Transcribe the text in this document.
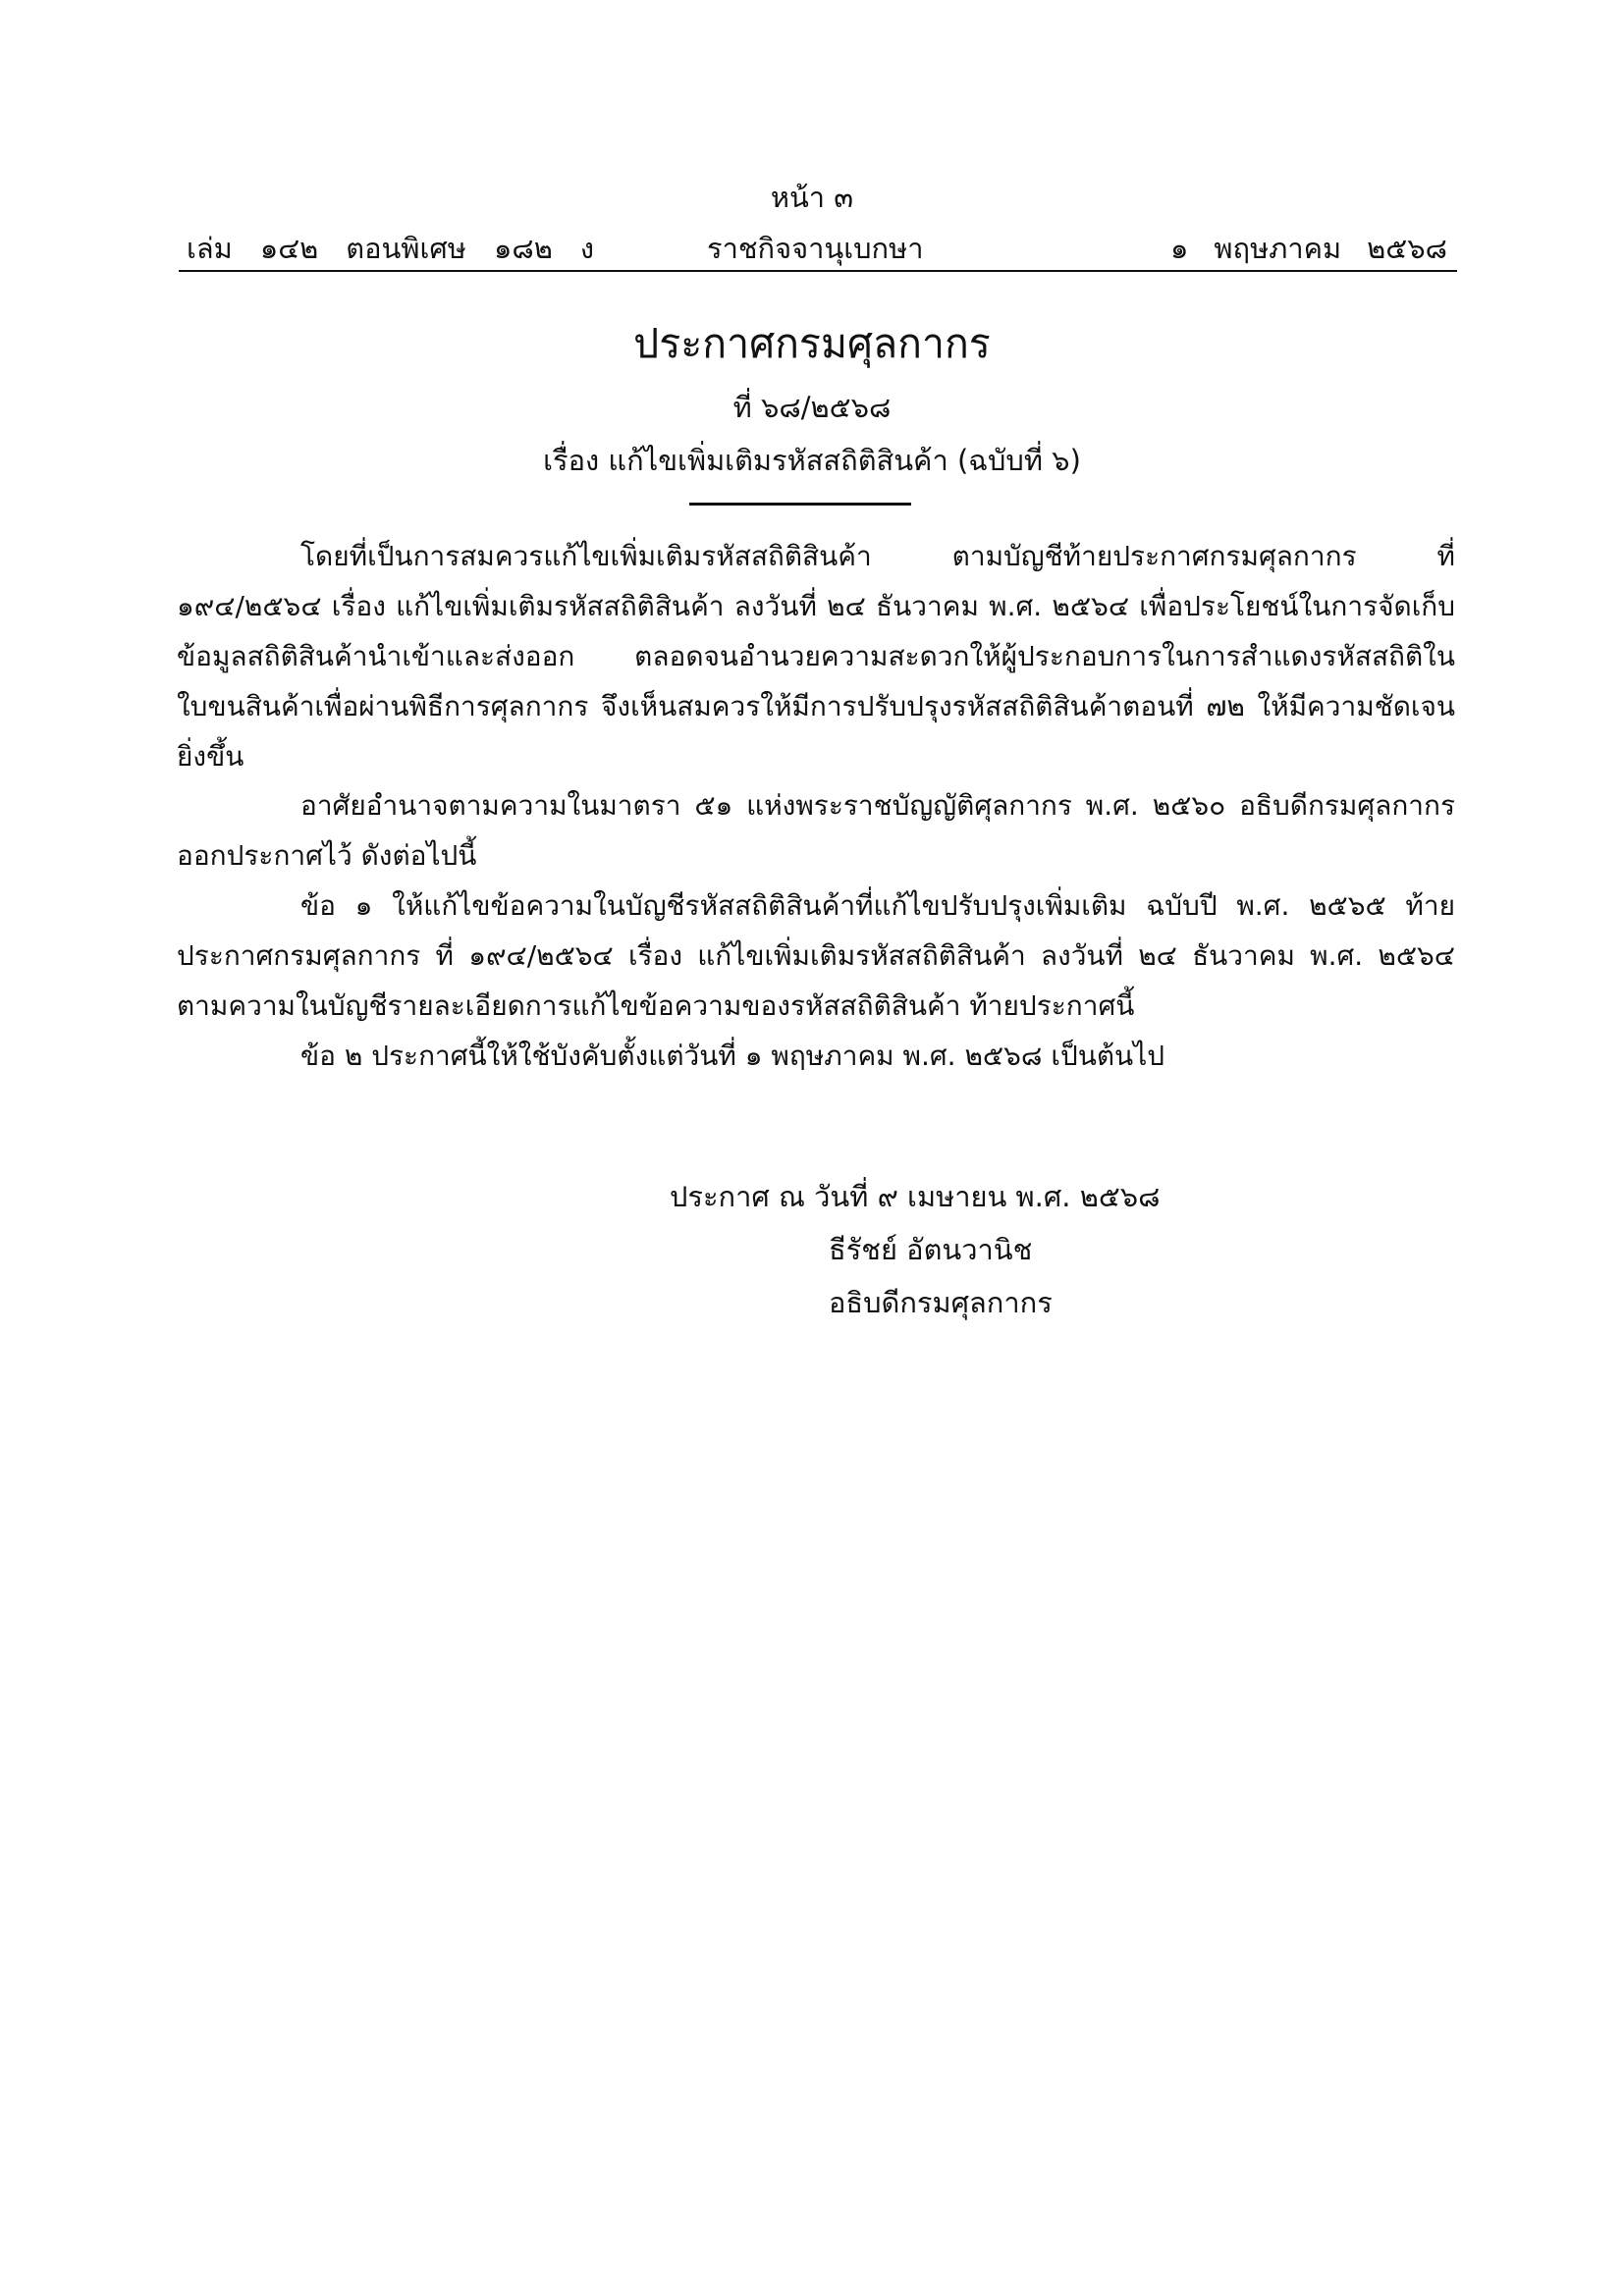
หน้า ๓
เล่ม ๑๔๒ ตอนพิเศษ ๑๘๒ ง	ราชกิจจานุเบกษา	๑ พฤษภาคม ๒๕๖๘
ประกาศกรมศุลกากร
ที่ ๖๘/๒๕๖๘
เรื่อง แก้ไขเพิ่มเติมรหัสสถิติสินค้า (ฉบับที่ ๖)

โดยที่เป็นการสมควรแก้ไขเพิ่มเติมรหัสสถิติสินค้า ตามบัญชีท้ายประกาศกรมศุลกากร ที่ ๑๙๔/๒๕๖๔ เรื่อง แก้ไขเพิ่มเติมรหัสสถิติสินค้า ลงวันที่ ๒๔ ธันวาคม พ.ศ. ๒๕๖๔ เพื่อประโยชน์ในการจัดเก็บข้อมูลสถิติสินค้านำเข้าและส่งออก ตลอดจนอำนวยความสะดวกให้ผู้ประกอบการในการสำแดงรหัสสถิติในใบขนสินค้าเพื่อผ่านพิธีการศุลกากร จึงเห็นสมควรให้มีการปรับปรุงรหัสสถิติสินค้าตอนที่ ๗๒ ให้มีความชัดเจนยิ่งขึ้น

อาศัยอำนาจตามความในมาตรา ๕๑ แห่งพระราชบัญญัติศุลกากร พ.ศ. ๒๕๖๐ อธิบดีกรมศุลกากรออกประกาศไว้ ดังต่อไปนี้

ข้อ ๑ ให้แก้ไขข้อความในบัญชีรหัสสถิติสินค้าที่แก้ไขปรับปรุงเพิ่มเติม ฉบับปี พ.ศ. ๒๕๖๕ ท้ายประกาศกรมศุลกากร ที่ ๑๙๔/๒๕๖๔ เรื่อง แก้ไขเพิ่มเติมรหัสสถิติสินค้า ลงวันที่ ๒๔ ธันวาคม พ.ศ. ๒๕๖๔ ตามความในบัญชีรายละเอียดการแก้ไขข้อความของรหัสสถิติสินค้า ท้ายประกาศนี้

ข้อ ๒ ประกาศนี้ให้ใช้บังคับตั้งแต่วันที่ ๑ พฤษภาคม พ.ศ. ๒๕๖๘ เป็นต้นไป

ประกาศ ณ วันที่ ๙ เมษายน พ.ศ. ๒๕๖๘
ธีรัชย์ อัตนวานิช
อธิบดีกรมศุลกากร
